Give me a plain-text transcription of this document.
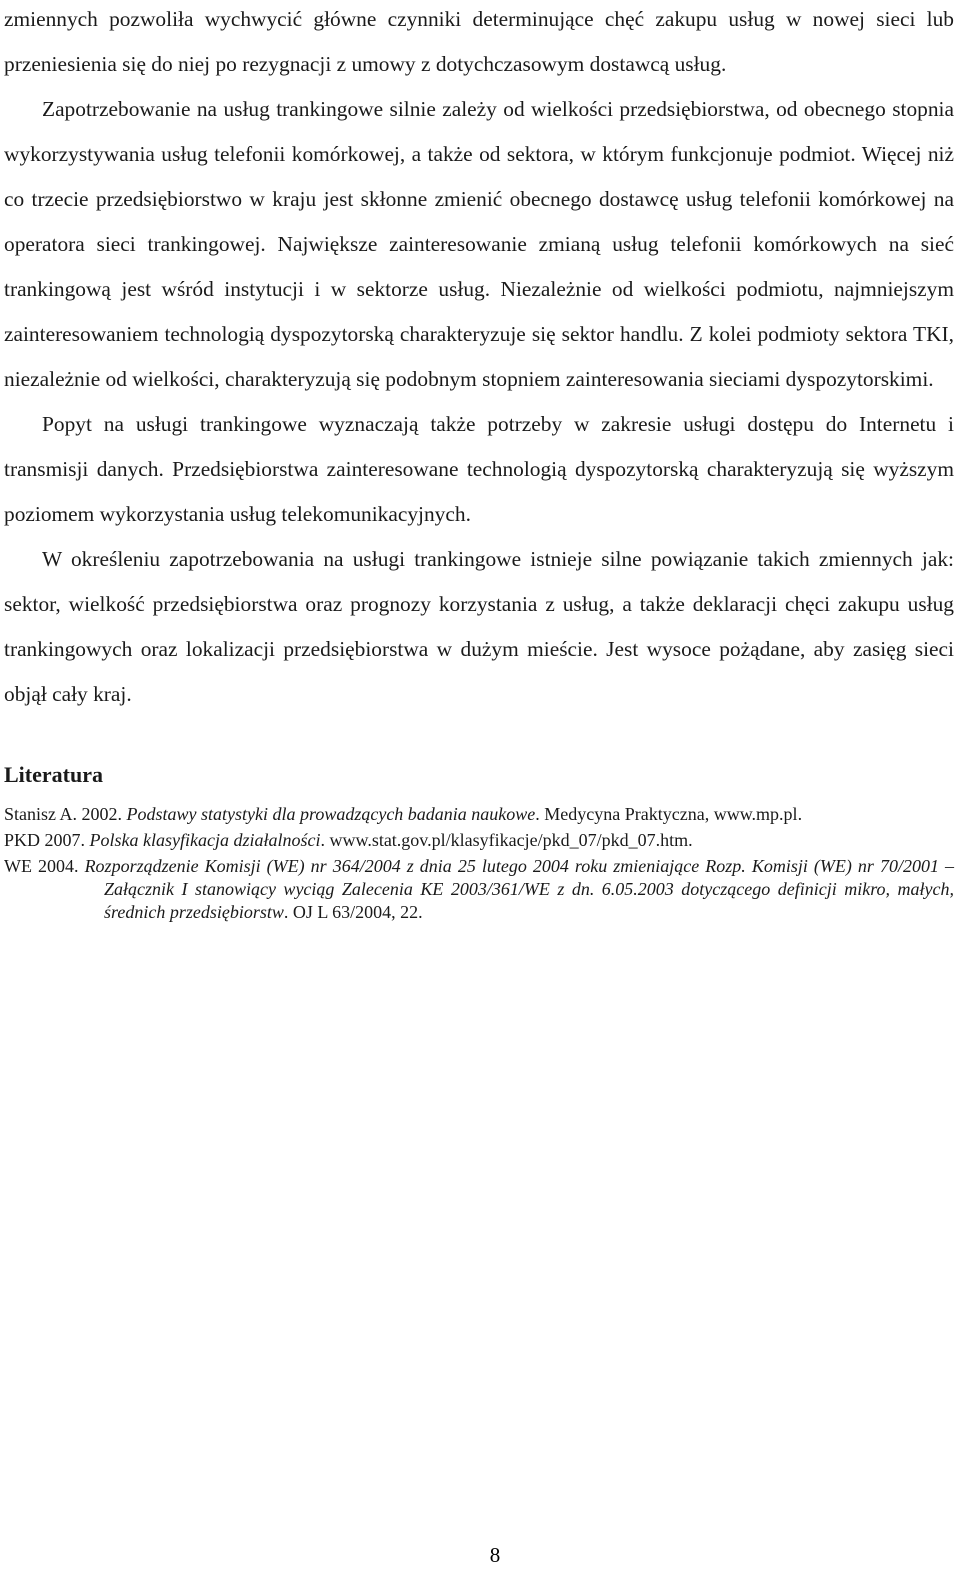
zmiennych pozwoliła wychwycić główne czynniki determinujące chęć zakupu usług w nowej sieci lub przeniesienia się do niej po rezygnacji z umowy z dotychczasowym dostawcą usług.

Zapotrzebowanie na usług trankingowe silnie zależy od wielkości przedsiębiorstwa, od obecnego stopnia wykorzystywania usług telefonii komórkowej, a także od sektora, w którym funkcjonuje podmiot. Więcej niż co trzecie przedsiębiorstwo w kraju jest skłonne zmienić obecnego dostawcę usług telefonii komórkowej na operatora sieci trankingowej. Największe zainteresowanie zmianą usług telefonii komórkowych na sieć trankingową jest wśród instytucji i w sektorze usług. Niezależnie od wielkości podmiotu, najmniejszym zainteresowaniem technologią dyspozytorską charakteryzuje się sektor handlu. Z kolei podmioty sektora TKI, niezależnie od wielkości, charakteryzują się podobnym stopniem zainteresowania sieciami dyspozytorskimi.

Popyt na usługi trankingowe wyznaczają także potrzeby w zakresie usługi dostępu do Internetu i transmisji danych. Przedsiębiorstwa zainteresowane technologią dyspozytorską charakteryzują się wyższym poziomem wykorzystania usług telekomunikacyjnych.

W określeniu zapotrzebowania na usługi trankingowe istnieje silne powiązanie takich zmiennych jak: sektor, wielkość przedsiębiorstwa oraz prognozy korzystania z usług, a także deklaracji chęci zakupu usług trankingowych oraz lokalizacji przedsiębiorstwa w dużym mieście. Jest wysoce pożądane, aby zasięg sieci objął cały kraj.

Literatura

Stanisz A. 2002. Podstawy statystyki dla prowadzących badania naukowe. Medycyna Praktyczna, www.mp.pl.

PKD 2007. Polska klasyfikacja działalności. www.stat.gov.pl/klasyfikacje/pkd_07/pkd_07.htm.

WE 2004. Rozporządzenie Komisji (WE) nr 364/2004 z dnia 25 lutego 2004 roku zmieniające Rozp. Komisji (WE) nr 70/2001 – Załącznik I stanowiący wyciąg Zalecenia KE 2003/361/WE z dn. 6.05.2003 dotyczącego definicji mikro, małych, średnich przedsiębiorstw. OJ L 63/2004, 22.

8
